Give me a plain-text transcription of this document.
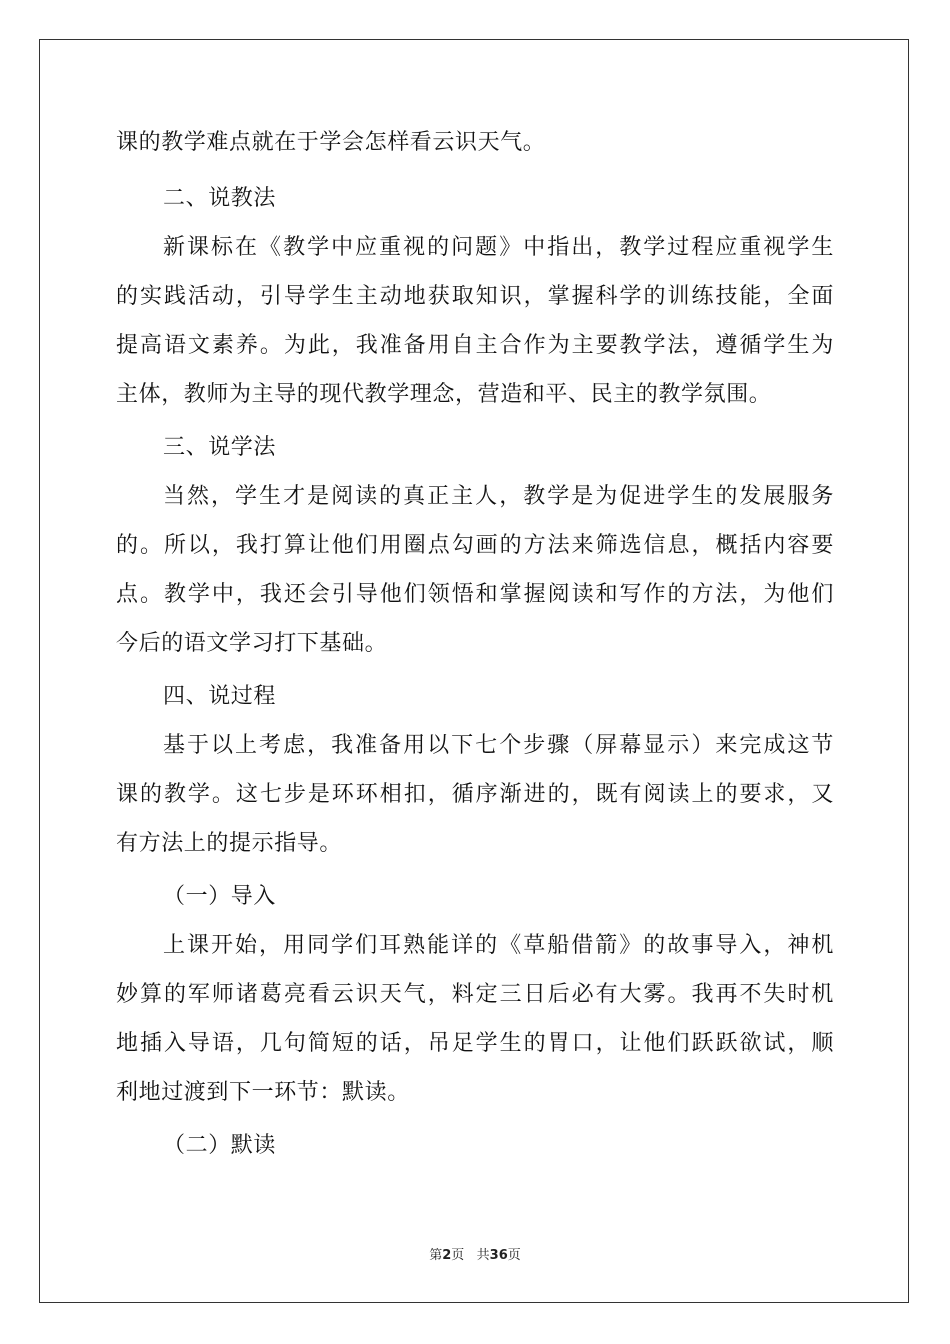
课的教学难点就在于学会怎样看云识天气。
二、说教法
新课标在《教学中应重视的问题》中指出，教学过程应重视学生
的实践活动，引导学生主动地获取知识，掌握科学的训练技能，全面
提高语文素养。为此，我准备用自主合作为主要教学法，遵循学生为
主体，教师为主导的现代教学理念，营造和平、民主的教学氛围。
三、说学法
当然，学生才是阅读的真正主人，教学是为促进学生的发展服务
的。所以，我打算让他们用圈点勾画的方法来筛选信息，概括内容要
点。教学中，我还会引导他们领悟和掌握阅读和写作的方法，为他们
今后的语文学习打下基础。
四、说过程
基于以上考虑，我准备用以下七个步骤（屏幕显示）来完成这节
课的教学。这七步是环环相扣，循序渐进的，既有阅读上的要求，又
有方法上的提示指导。
（一）导入
上课开始，用同学们耳熟能详的《草船借箭》的故事导入，神机
妙算的军师诸葛亮看云识天气，料定三日后必有大雾。我再不失时机
地插入导语，几句简短的话，吊足学生的胃口，让他们跃跃欲试，顺
利地过渡到下一环节：默读。
（二）默读
第2页   共36页
